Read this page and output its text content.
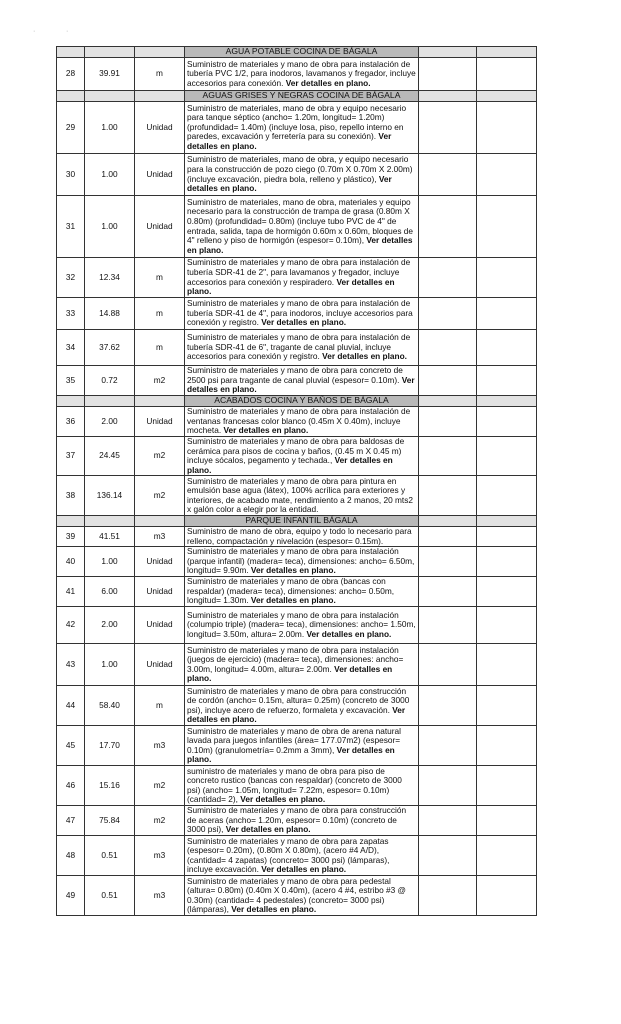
·	·
			AGUA POTABLE COCINA DE BÁGALA		
28	39.91	m	Suministro de materiales y mano de obra para instalación de tubería PVC 1/2, para inodoros, lavamanos y fregador, incluye accesorios para conexión. Ver detalles en plano.		
			AGUAS GRISES Y NEGRAS COCINA DE BÁGALA		
29	1.00	Unidad	Suministro de materiales, mano de obra y equipo necesario para tanque séptico (ancho= 1.20m, longitud= 1.20m) (profundidad= 1.40m) (incluye losa, piso, repello interno en paredes, excavación y ferretería para su conexión). Ver detalles en plano.		
30	1.00	Unidad	Suministro de materiales, mano de obra, y equipo necesario para la construcción de pozo ciego (0.70m X 0.70m X 2.00m) (incluye excavación, piedra bola, relleno y plástico), Ver detalles en plano.		
31	1.00	Unidad	Suministro de materiales, mano de obra, materiales y equipo necesario para la construcción de trampa de grasa (0.80m X 0.80m) (profundidad= 0.80m) (incluye tubo PVC de 4" de entrada, salida, tapa de hormigón 0.60m x 0.60m, bloques de 4" relleno y piso de hormigón (espesor= 0.10m), Ver detalles en plano.		
32	12.34	m	Suministro de materiales y mano de obra para instalación de tubería SDR-41 de 2", para lavamanos y fregador, incluye accesorios para conexión y respiradero. Ver detalles en plano.		
33	14.88	m	Suministro de materiales y mano de obra para instalación de tubería SDR-41 de 4", para inodoros, incluye accesorios para conexión y registro. Ver detalles en plano.		
34	37.62	m	Suministro de materiales y mano de obra para instalación de tubería SDR-41 de 6", tragante de canal pluvial, incluye accesorios para conexión y registro. Ver detalles en plano.		
35	0.72	m2	Suministro de materiales y mano de obra para concreto de 2500 psi para tragante de canal pluvial (espesor= 0.10m). Ver detalles en plano.		
			ACABADOS COCINA Y BAÑOS DE BÁGALA		
36	2.00	Unidad	Suministro de materiales y mano de obra para instalación de ventanas francesas color blanco (0.45m X 0.40m), incluye mocheta. Ver detalles en plano.		
37	24.45	m2	Suministro de materiales y mano de obra para baldosas de cerámica para pisos de cocina y baños, (0.45 m X 0.45 m) incluye sócalos, pegamento y techada., Ver detalles en plano.		
38	136.14	m2	Suministro de materiales y mano de obra para pintura en emulsión base agua (látex), 100% acrílica para exteriores y interiores, de acabado mate, rendimiento a 2 manos, 20 mts2 x galón color a elegir por la entidad.		
			PARQUE INFANTIL BÁGALA		
39	41.51	m3	Suministro de mano de obra, equipo y todo lo necesario para relleno, compactación y nivelación (espesor= 0.15m).		
40	1.00	Unidad	Suministro de materiales y mano de obra para instalación (parque infantil) (madera= teca), dimensiones: ancho= 6.50m, longitud= 9.90m. Ver detalles en plano.		
41	6.00	Unidad	Suministro de materiales y mano de obra (bancas con respaldar) (madera= teca), dimensiones: ancho= 0.50m, longitud= 1.30m. Ver detalles en plano.		
42	2.00	Unidad	Suministro de materiales y mano de obra para instalación (columpio triple) (madera= teca), dimensiones: ancho= 1.50m, longitud= 3.50m, altura= 2.00m. Ver detalles en plano.		
43	1.00	Unidad	Suministro de materiales y mano de obra para instalación (juegos de ejercicio) (madera= teca), dimensiones: ancho= 3.00m, longitud= 4.00m, altura= 2.00m. Ver detalles en plano.		
44	58.40	m	Suministro de materiales y mano de obra para construcción de cordón (ancho= 0.15m, altura= 0.25m) (concreto de 3000 psi), incluye acero de refuerzo, formaleta y excavación. Ver detalles en plano.		
45	17.70	m3	Suministro de materiales y mano de obra de arena natural lavada para juegos infantiles (área= 177.07m2) (espesor= 0.10m) (granulometría= 0.2mm a 3mm), Ver detalles en plano.		
46	15.16	m2	suministro de materiales y mano de obra para piso de concreto rustico (bancas con respaldar) (concreto de 3000 psi) (ancho= 1.05m, longitud= 7.22m, espesor= 0.10m) (cantidad= 2), Ver detalles en plano.		
47	75.84	m2	Suministro de materiales y mano de obra para construcción de aceras (ancho= 1.20m, espesor= 0.10m) (concreto de 3000 psi), Ver detalles en plano.		
48	0.51	m3	Suministro de materiales y mano de obra para zapatas (espesor= 0.20m), (0.80m X 0.80m), (acero #4 A/D), (cantidad= 4 zapatas) (concreto= 3000 psi) (lámparas), incluye excavación. Ver detalles en plano.		
49	0.51	m3	Suministro de materiales y mano de obra para pedestal (altura= 0.80m) (0.40m X 0.40m), (acero 4 #4, estribo #3 @ 0.30m) (cantidad= 4 pedestales) (concreto= 3000 psi) (lámparas), Ver detalles en plano.		
